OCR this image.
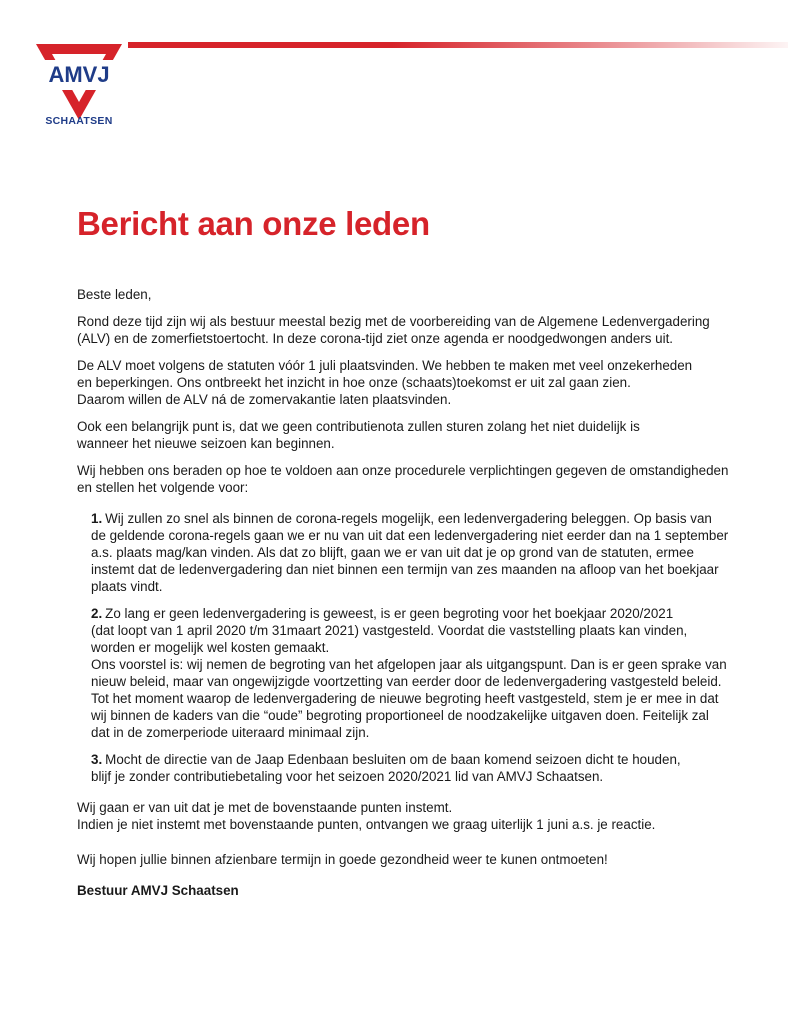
AMVJ
SCHAATSEN
Bericht aan onze leden

Beste leden,

Rond deze tijd zijn wij als bestuur meestal bezig met de voorbereiding van de Algemene Ledenvergadering
(ALV) en de zomerfietstoertocht. In deze corona-tijd ziet onze agenda er noodgedwongen anders uit.

De ALV moet volgens de statuten vóór 1 juli plaatsvinden. We hebben te maken met veel onzekerheden
en beperkingen. Ons ontbreekt het inzicht in hoe onze (schaats)toekomst er uit zal gaan zien.
Daarom willen de ALV ná de zomervakantie laten plaatsvinden.

Ook een belangrijk punt is, dat we geen contributienota zullen sturen zolang het niet duidelijk is
wanneer het nieuwe seizoen kan beginnen.

Wij hebben ons beraden op hoe te voldoen aan onze procedurele verplichtingen gegeven de omstandigheden
en stellen het volgende voor:

1. Wij zullen zo snel als binnen de corona-regels mogelijk, een ledenvergadering beleggen. Op basis van
de geldende corona-regels gaan we er nu van uit dat een ledenvergadering niet eerder dan na 1 september
a.s. plaats mag/kan vinden. Als dat zo blijft, gaan we er van uit dat je op grond van de statuten, ermee
instemt dat de ledenvergadering dan niet binnen een termijn van zes maanden na afloop van het boekjaar
plaats vindt.
2. Zo lang er geen ledenvergadering is geweest, is er geen begroting voor het boekjaar 2020/2021
(dat loopt van 1 april 2020 t/m 31maart 2021) vastgesteld. Voordat die vaststelling plaats kan vinden,
worden er mogelijk wel kosten gemaakt.
Ons voorstel is: wij nemen de begroting van het afgelopen jaar als uitgangspunt. Dan is er geen sprake van
nieuw beleid, maar van ongewijzigde voortzetting van eerder door de ledenvergadering vastgesteld beleid.
Tot het moment waarop de ledenvergadering de nieuwe begroting heeft vastgesteld, stem je er mee in dat
wij binnen de kaders van die “oude” begroting proportioneel de noodzakelijke uitgaven doen. Feitelijk zal
dat in de zomerperiode uiteraard minimaal zijn.
3. Mocht de directie van de Jaap Edenbaan besluiten om de baan komend seizoen dicht te houden,
blijf je zonder contributiebetaling voor het seizoen 2020/2021 lid van AMVJ Schaatsen.

Wij gaan er van uit dat je met de bovenstaande punten instemt.
Indien je niet instemt met bovenstaande punten, ontvangen we graag uiterlijk 1 juni a.s. je reactie.

Wij hopen jullie binnen afzienbare termijn in goede gezondheid weer te kunen ontmoeten!

Bestuur AMVJ Schaatsen
